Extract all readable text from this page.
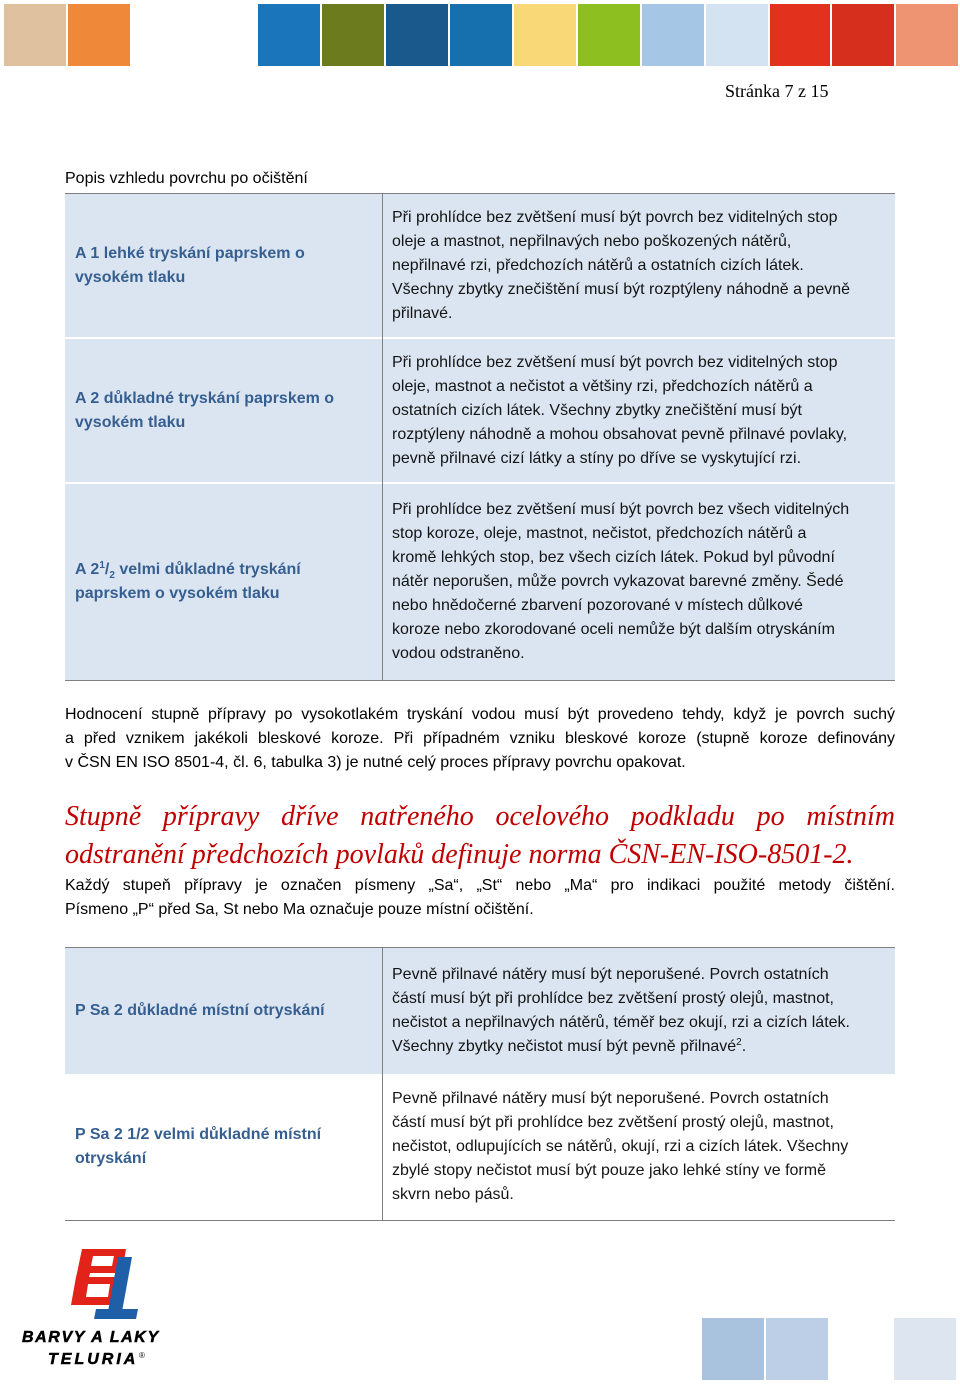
Stránka 7 z 15
Popis vzhledu povrchu po očištění
A 1 lehké tryskání paprskem o
vysokém tlaku
Při prohlídce bez zvětšení musí být povrch bez viditelných stop
oleje a mastnot, nepřilnavých nebo poškozených nátěrů,
nepřilnavé rzi, předchozích nátěrů a ostatních cizích látek.
Všechny zbytky znečištění musí být rozptýleny náhodně a pevně
přilnavé.
A 2 důkladné tryskání paprskem o
vysokém tlaku
Při prohlídce bez zvětšení musí být povrch bez viditelných stop
oleje, mastnot a nečistot a většiny rzi, předchozích nátěrů a
ostatních cizích látek. Všechny zbytky znečištění musí být
rozptýleny náhodně a mohou obsahovat pevně přilnavé povlaky,
pevně přilnavé cizí látky a stíny po dříve se vyskytující rzi.
A $2^1/_2$ velmi důkladné tryskání
paprskem o vysokém tlaku
Při prohlídce bez zvětšení musí být povrch bez všech viditelných
stop koroze, oleje, mastnot, nečistot, předchozích nátěrů a
kromě lehkých stop, bez všech cizích látek. Pokud byl původní
nátěr neporušen, může povrch vykazovat barevné změny. Šedé
nebo hnědočerné zbarvení pozorované v místech důlkové
koroze nebo zkorodované oceli nemůže být dalším otryskáním
vodou odstraněno.
Hodnocení stupně přípravy po vysokotlakém tryskání vodou musí být provedeno tehdy, když je povrch suchý
a před vznikem jakékoli bleskové koroze. Při případném vzniku bleskové koroze (stupně koroze definovány
v ČSN EN ISO 8501-4, čl. 6, tabulka 3) je nutné celý proces přípravy povrchu opakovat.
Stupně přípravy dříve natřeného ocelového podkladu po místním
odstranění předchozích povlaků definuje norma ČSN-EN-ISO-8501-2.
Každý stupeň přípravy je označen písmeny „Sa“, „St“ nebo „Ma“ pro indikaci použité metody čištění.
Písmeno „P“ před Sa, St nebo Ma označuje pouze místní očištění.
P Sa 2 důkladné místní otryskání
Pevně přilnavé nátěry musí být neporušené. Povrch ostatních
částí musí být při prohlídce bez zvětšení prostý olejů, mastnot,
nečistot a nepřilnavých nátěrů, téměř bez okují, rzi a cizích látek.
Všechny zbytky nečistot musí být pevně přilnavé$^2$.
P Sa 2 1/2 velmi důkladné místní
otryskání
Pevně přilnavé nátěry musí být neporušené. Povrch ostatních
částí musí být při prohlídce bez zvětšení prostý olejů, mastnot,
nečistot, odlupujících se nátěrů, okují, rzi a cizích látek. Všechny
zbylé stopy nečistot musí být pouze jako lehké stíny ve formě
skvrn nebo pásů.
BARVY A LAKY
TELURIA ®
